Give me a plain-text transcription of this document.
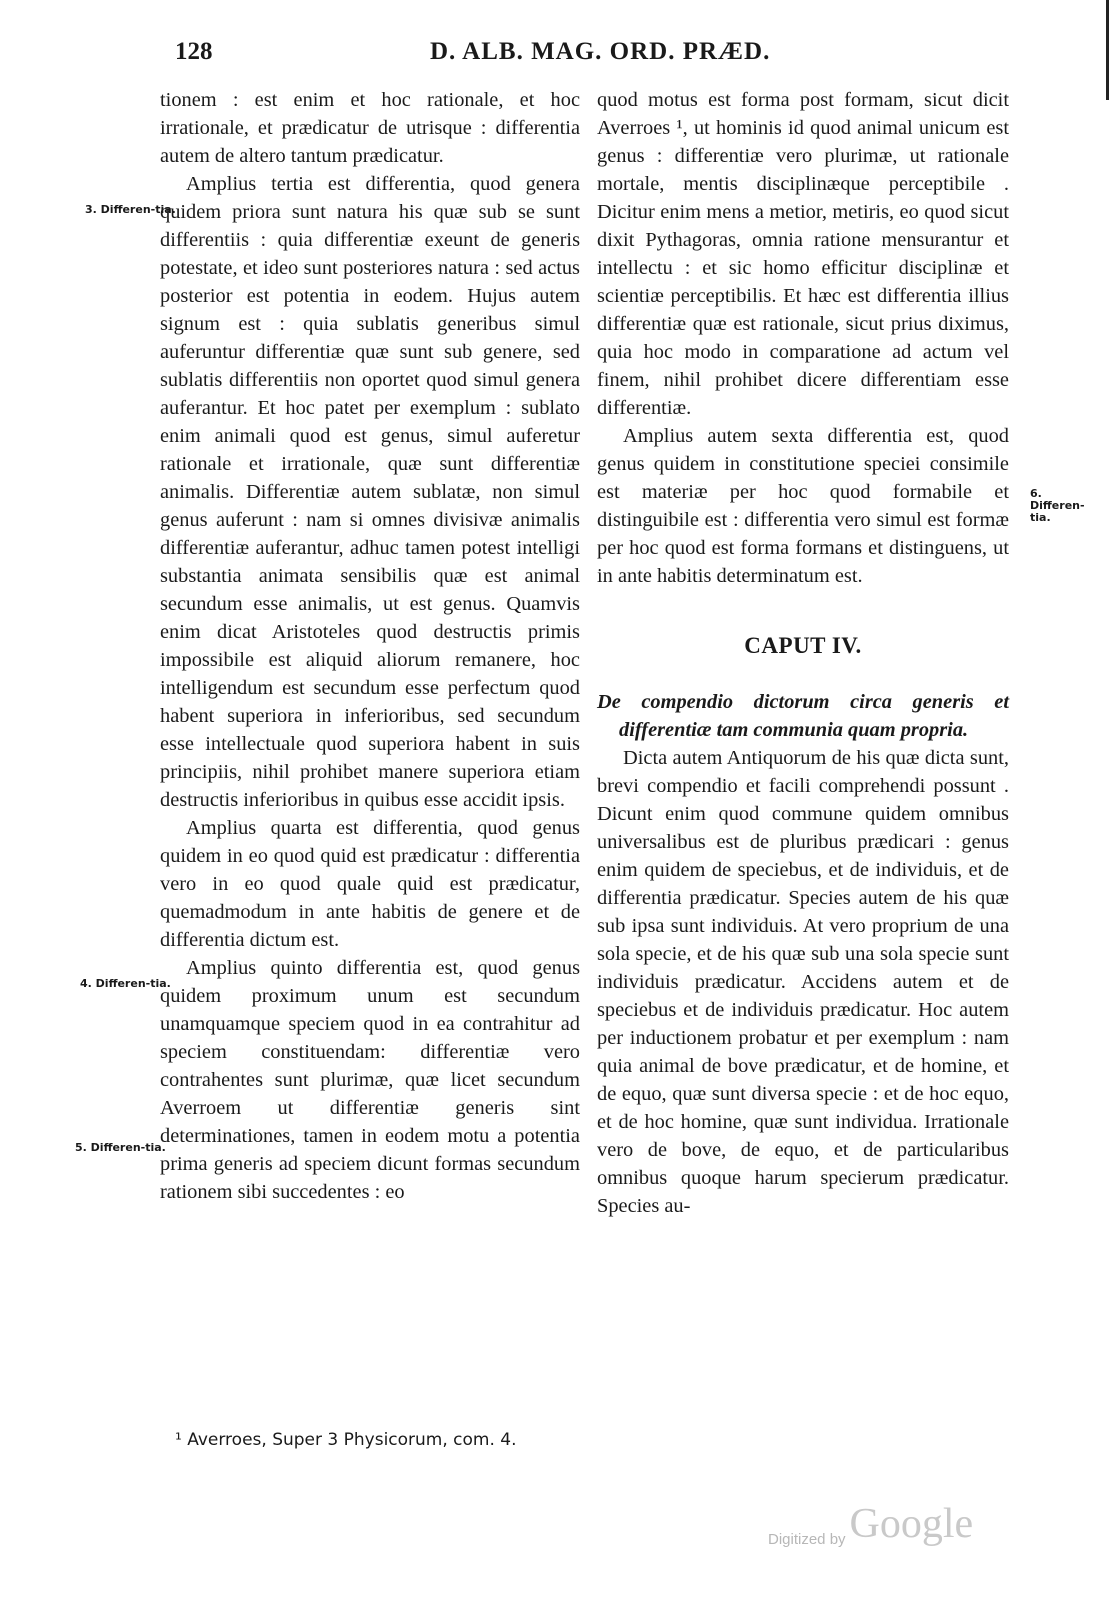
128	D. ALB. MAG. ORD. PRÆD.
3. Differen-tia.
4. Differen-tia.
5. Differen-tia.
6. Differen-tia.

tionem : est enim et hoc rationale, et hoc irrationale, et prædicatur de utrisque : differentia autem de altero tantum prædicatur.

Amplius tertia est differentia, quod genera quidem priora sunt natura his quæ sub se sunt differentiis : quia differentiæ exeunt de generis potestate, et ideo sunt posteriores natura : sed actus posterior est potentia in eodem. Hujus autem signum est : quia sublatis generibus simul auferuntur differentiæ quæ sunt sub genere, sed sublatis differentiis non oportet quod simul genera auferantur. Et hoc patet per exemplum : sublato enim animali quod est genus, simul auferetur rationale et irrationale, quæ sunt differentiæ animalis. Differentiæ autem sublatæ, non simul genus auferunt : nam si omnes divisivæ animalis differentiæ auferantur, adhuc tamen potest intelligi substantia animata sensibilis quæ est animal secundum esse animalis, ut est genus. Quamvis enim dicat Aristoteles quod destructis primis impossibile est aliquid aliorum remanere, hoc intelligendum est secundum esse perfectum quod habent superiora in inferioribus, sed secundum esse intellectuale quod superiora habent in suis principiis, nihil prohibet manere superiora etiam destructis inferioribus in quibus esse accidit ipsis.

Amplius quarta est differentia, quod genus quidem in eo quod quid est prædicatur : differentia vero in eo quod quale quid est prædicatur, quemadmodum in ante habitis de genere et de differentia dictum est.

Amplius quinto differentia est, quod genus quidem proximum unum est secundum unamquamque speciem quod in ea contrahitur ad speciem constituendam: differentiæ vero contrahentes sunt plurimæ, quæ licet secundum Averroem ut differentiæ generis sint determinationes, tamen in eodem motu a potentia prima generis ad speciem dicunt formas secundum rationem sibi succedentes : eo

quod motus est forma post formam, sicut dicit Averroes ¹, ut hominis id quod animal unicum est genus : differentiæ vero plurimæ, ut rationale mortale, mentis disciplinæque perceptibile . Dicitur enim mens a metior, metiris, eo quod sicut dixit Pythagoras, omnia ratione mensurantur et intellectu : et sic homo efficitur disciplinæ et scientiæ perceptibilis. Et hæc est differentia illius differentiæ quæ est rationale, sicut prius diximus, quia hoc modo in comparatione ad actum vel finem, nihil prohibet dicere differentiam esse differentiæ.

Amplius autem sexta differentia est, quod genus quidem in constitutione speciei consimile est materiæ per hoc quod formabile et distinguibile est : differentia vero simul est formæ per hoc quod est forma formans et distinguens, ut in ante habitis determinatum est.

CAPUT IV.

De compendio dictorum circa generis et differentiæ tam communia quam propria.

Dicta autem Antiquorum de his quæ dicta sunt, brevi compendio et facili comprehendi possunt . Dicunt enim quod commune quidem omnibus universalibus est de pluribus prædicari : genus enim quidem de speciebus, et de individuis, et de differentia prædicatur. Species autem de his quæ sub ipsa sunt individuis. At vero proprium de una sola specie, et de his quæ sub una sola specie sunt individuis prædicatur. Accidens autem et de speciebus et de individuis prædicatur. Hoc autem per inductionem probatur et per exemplum : nam quia animal de bove prædicatur, et de homine, et de equo, quæ sunt diversa specie : et de hoc equo, et de hoc homine, quæ sunt individua. Irrationale vero de bove, de equo, et de particularibus omnibus quoque harum specierum prædicatur. Species au-

¹ Averroes, Super 3 Physicorum, com. 4.
Digitized by Google
